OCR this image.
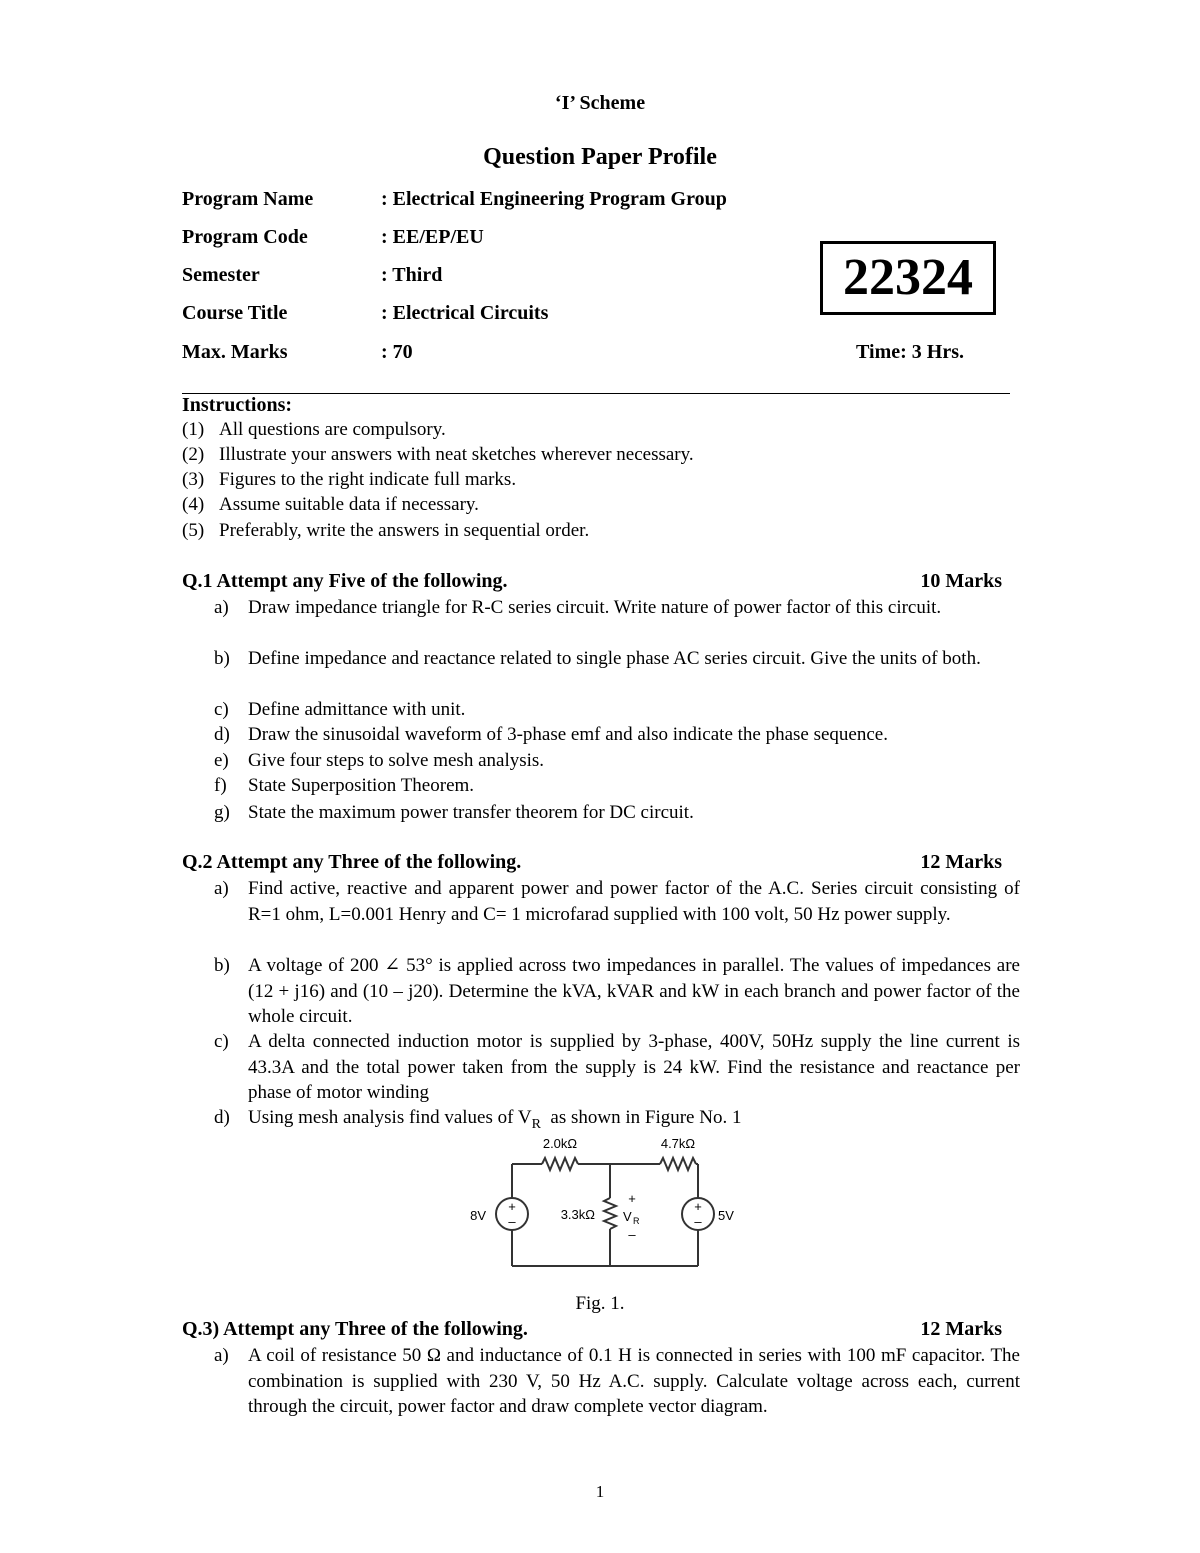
‘I’ Scheme
Question Paper Profile
Program Name	: Electrical Engineering Program Group
Program Code	: EE/EP/EU
Semester	: Third
Course Title	: Electrical Circuits
Max. Marks	: 70
22324
Time: 3 Hrs.
Instructions:
(1) All questions are compulsory.
(2) Illustrate your answers with neat sketches wherever necessary.
(3) Figures to the right indicate full marks.
(4) Assume suitable data if necessary.
(5) Preferably, write the answers in sequential order.
Q.1 Attempt any Five of the following.	10 Marks
a) Draw impedance triangle for R-C series circuit. Write nature of power factor of this circuit.
b) Define impedance and reactance related to single phase AC series circuit. Give the units of both.
c) Define admittance with unit.
d) Draw the sinusoidal waveform of 3-phase emf and also indicate the phase sequence.
e) Give four steps to solve mesh analysis.
f) State Superposition Theorem.
g) State the maximum power transfer theorem for DC circuit.
Q.2 Attempt any Three of the following.	12 Marks
a) Find active, reactive and apparent power and power factor of the A.C. Series circuit consisting of R=1 ohm, L=0.001 Henry and C= 1 microfarad supplied with 100 volt, 50 Hz power supply.
b) A voltage of 200 ∠ 53° is applied across two impedances in parallel. The values of impedances are (12 + j16) and (10 – j20). Determine the kVA, kVAR and kW in each branch and power factor of the whole circuit.
c) A delta connected induction motor is supplied by 3-phase, 400V, 50Hz supply the line current is 43.3A and the total power taken from the supply is 24 kW. Find the resistance and reactance per phase of motor winding
d) Using mesh analysis find values of $V_R$  as shown in Figure No. 1
2.0kΩ	4.7kΩ
3.3kΩ
8V	5V
+
–
+
–
+
V R
–
Fig. 1.
Q.3) Attempt any Three of the following.	12 Marks
a) A coil of resistance 50 Ω and inductance of 0.1 H is connected in series with 100 mF capacitor. The combination is supplied with 230 V, 50 Hz A.C. supply. Calculate voltage across each, current through the circuit, power factor and draw complete vector diagram.
1
